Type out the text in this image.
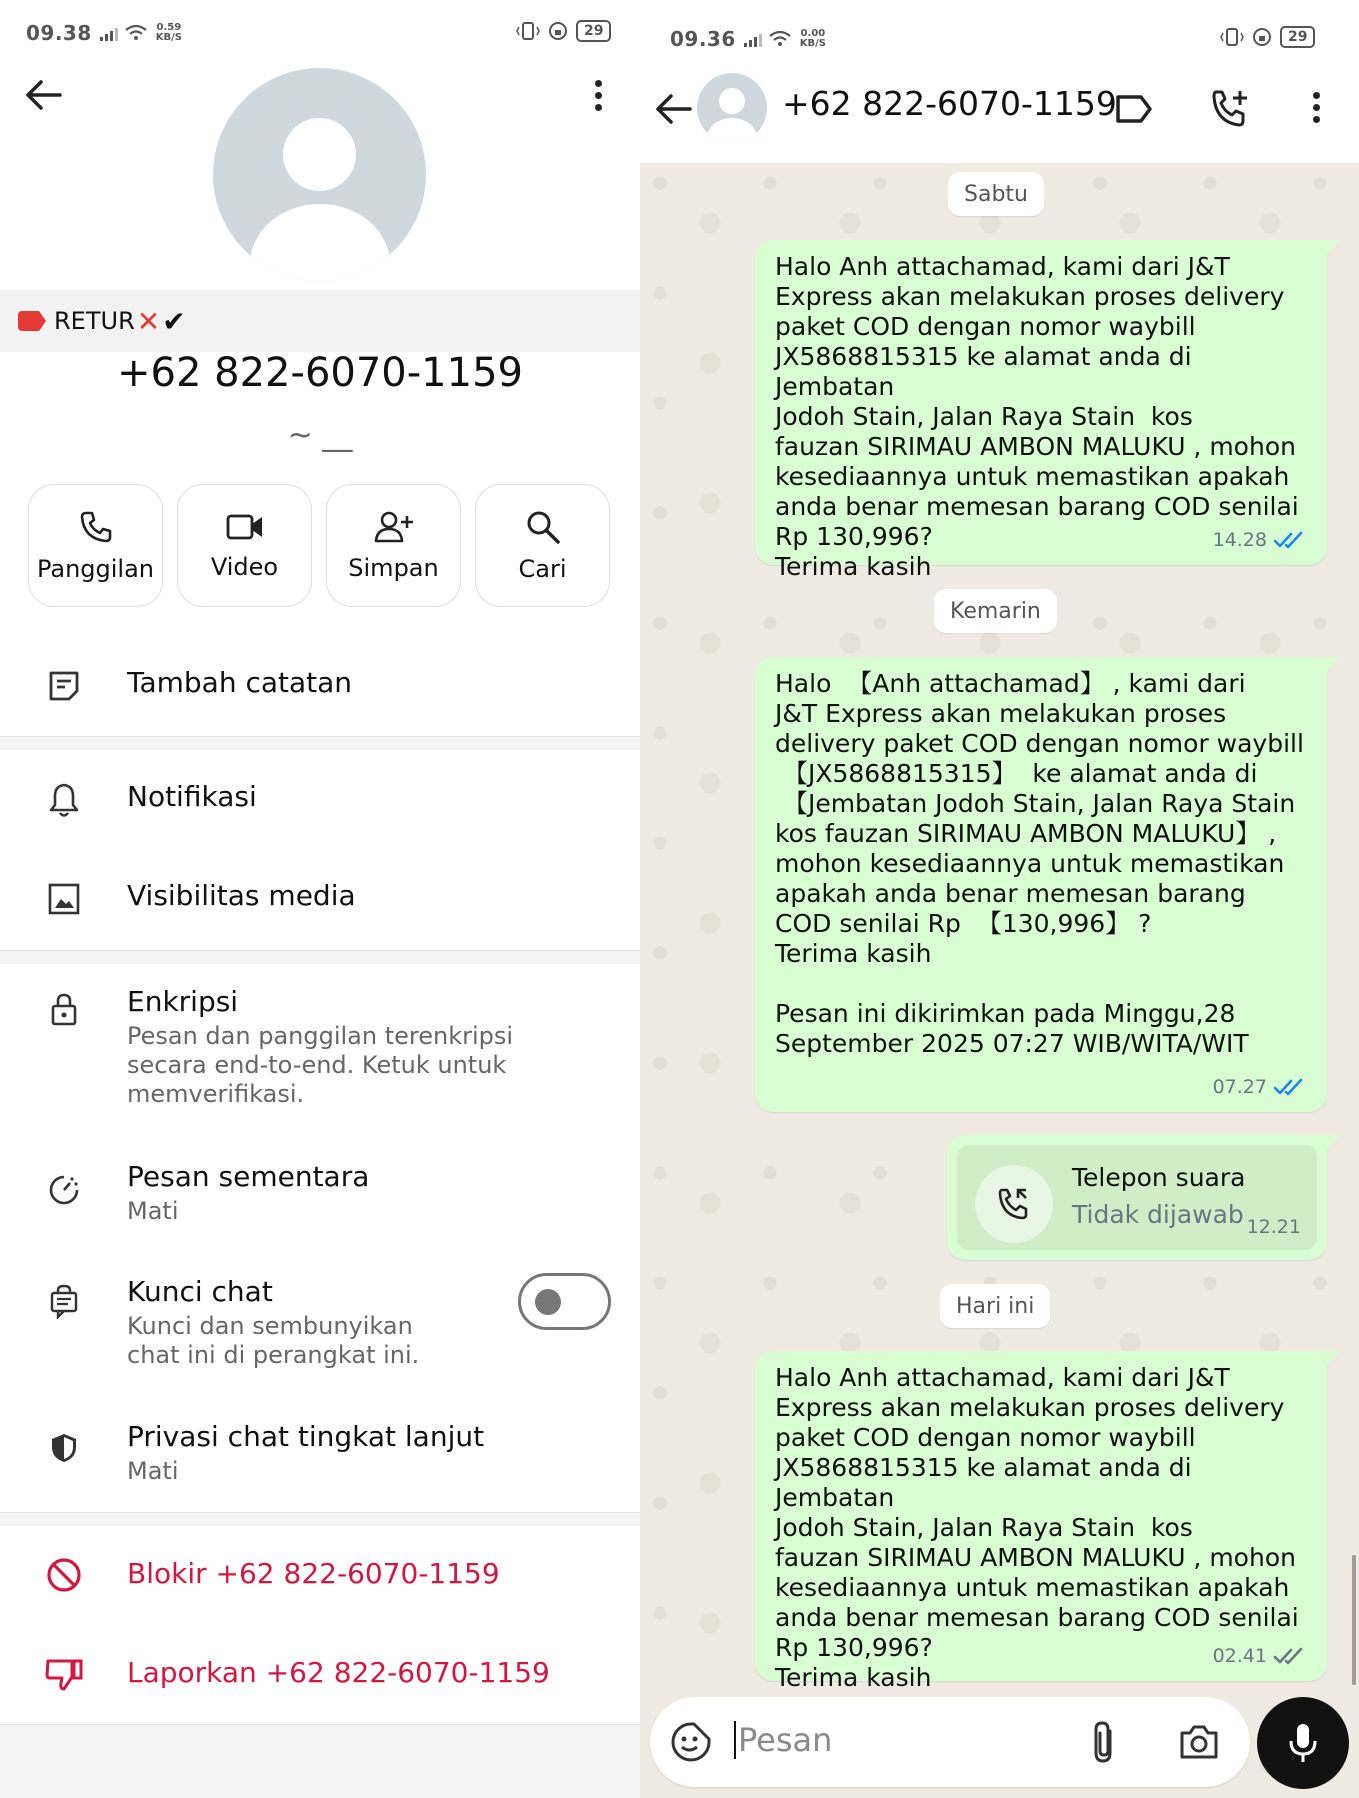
09.38	0.59
KB/S	29
RETUR ✕ ✔
+62 822-6070-1159
~ __
Panggilan Video	Simpan	Cari
Tambah catatan
Notifikasi
Visibilitas media
Enkripsi
Pesan dan panggilan terenkripsi secara end-to-end. Ketuk untuk memverifikasi.
Pesan sementara
Mati
Kunci chat
Kunci dan sembunyikan chat ini di perangkat ini.
Privasi chat tingkat lanjut
Mati
Blokir +62 822-6070-1159
Laporkan +62 822-6070-1159
09.36	0.00
KB/S	29
+62 822-6070-1159
Sabtu
Halo Anh attachamad, kami dari J&T
Express akan melakukan proses delivery
paket COD dengan nomor waybill
JX5868815315 ke alamat anda di Jembatan
Jodoh Stain, Jalan Raya Stain  kos
fauzan SIRIMAU AMBON MALUKU , mohon
kesediaannya untuk memastikan apakah
anda benar memesan barang COD senilai
Rp 130,996?
Terima kasih
14.28
Kemarin
Halo  【Anh attachamad】 , kami dari
J&T Express akan melakukan proses
delivery paket COD dengan nomor waybill
【JX5868815315】  ke alamat anda di
【Jembatan Jodoh Stain, Jalan Raya Stain
kos fauzan SIRIMAU AMBON MALUKU】 ,
mohon kesediaannya untuk memastikan
apakah anda benar memesan barang
COD senilai Rp  【130,996】 ?
Terima kasih

Pesan ini dikirimkan pada Minggu,28
September 2025 07:27 WIB/WITA/WIT
07.27
Telepon suara
Tidak dijawab 12.21
Hari ini
Halo Anh attachamad, kami dari J&T
Express akan melakukan proses delivery
paket COD dengan nomor waybill
JX5868815315 ke alamat anda di Jembatan
Jodoh Stain, Jalan Raya Stain  kos
fauzan SIRIMAU AMBON MALUKU , mohon
kesediaannya untuk memastikan apakah
anda benar memesan barang COD senilai
Rp 130,996?
Terima kasih
02.41
Pesan
